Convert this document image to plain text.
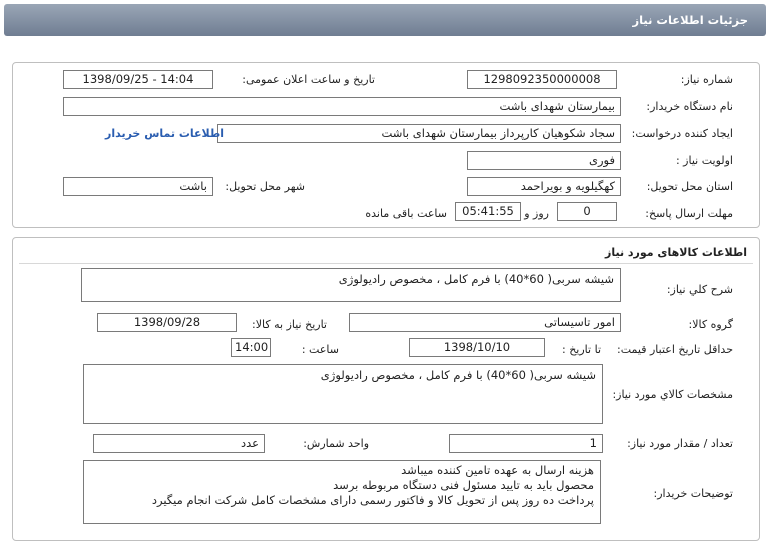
جزئیات اطلاعات نیاز
شماره نیاز:
1298092350000008
تاریخ و ساعت اعلان عمومی:
1398/09/25 - 14:04
نام دستگاه خریدار:
بیمارستان شهدای باشت
ایجاد کننده درخواست:
سجاد شکوهیان کارپرداز بیمارستان شهدای باشت
اطلاعات تماس خریدار
اولویت نیاز :
فوری
استان محل تحویل:
کهگیلویه و بویراحمد
شهر محل تحویل:
باشت
مهلت ارسال پاسخ:
0
روز و
05:41:55
ساعت باقی مانده
اطلاعات کالاهای مورد نیاز
شرح کلي نياز:
شیشه سربی( 60*40) با فرم کامل ، مخصوص رادیولوژی
گروه کالا:
امور تاسیساتی
تاریخ نیاز به کالا:
1398/09/28
حداقل تاریخ اعتبار قیمت:
تا تاریخ :
1398/10/10
ساعت :
14:00
مشخصات کالاي مورد نياز:
شیشه سربی( 60*40) با فرم کامل ، مخصوص رادیولوژی
تعداد / مقدار مورد نیاز:
1
واحد شمارش:
عدد
توضیحات خریدار:
هزینه ارسال به عهده تامین کننده میباشد
محصول باید به تایید مسئول فنی دستگاه مربوطه برسد
پرداخت ده روز پس از تحویل کالا و فاکتور رسمی دارای مشخصات کامل شرکت انجام میگیرد
